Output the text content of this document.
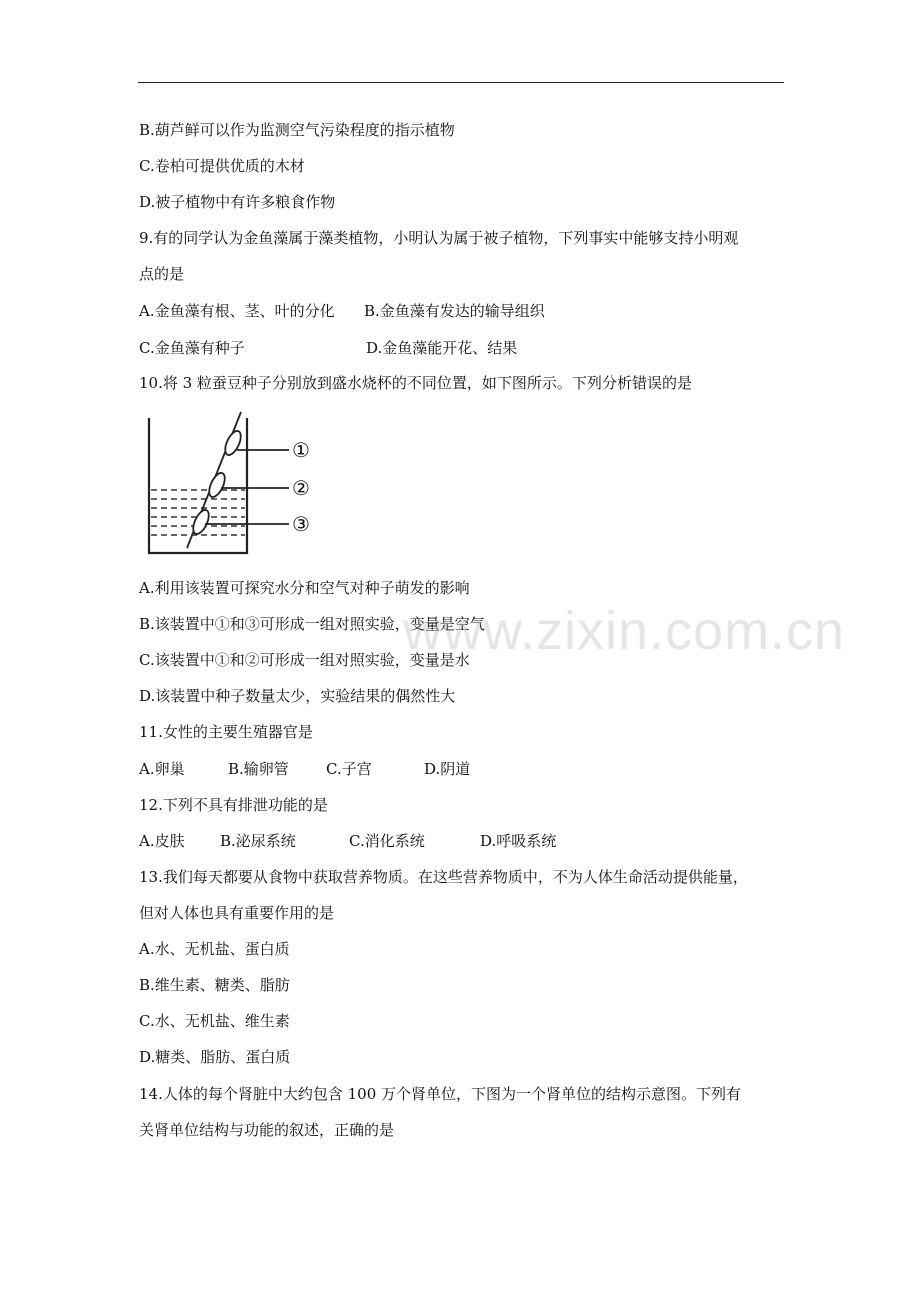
B.葫芦鲜可以作为监测空气污染程度的指示植物
C.卷柏可提供优质的木材
D.被子植物中有许多粮食作物
9.有的同学认为金鱼藻属于藻类植物，小明认为属于被子植物，下列事实中能够支持小明观
点的是
A.金鱼藻有根、茎、叶的分化 B.金鱼藻有发达的输导组织
C.金鱼藻有种子	D.金鱼藻能开花、结果
10.将 3 粒蚕豆种子分别放到盛水烧杯的不同位置，如下图所示。下列分析错误的是
①
②
③
A.利用该装置可探究水分和空气对种子萌发的影响
B.该装置中①和③可形成一组对照实验，变量是空气
C.该装置中①和②可形成一组对照实验，变量是水
D.该装置中种子数量太少，实验结果的偶然性大
11.女性的主要生殖器官是
A.卵巢	B.输卵管 C.子宫	D.阴道
12.下列不具有排泄功能的是
A.皮肤 B.泌尿系统	C.消化系统	D.呼吸系统
13.我们每天都要从食物中获取营养物质。在这些营养物质中，不为人体生命活动提供能量，
但对人体也具有重要作用的是
A.水、无机盐、蛋白质
B.维生素、糖类、脂肪
C.水、无机盐、维生素
D.糖类、脂肪、蛋白质
14.人体的每个肾脏中大约包含 100 万个肾单位，下图为一个肾单位的结构示意图。下列有
关肾单位结构与功能的叙述，正确的是
www.zixin.com.cn
